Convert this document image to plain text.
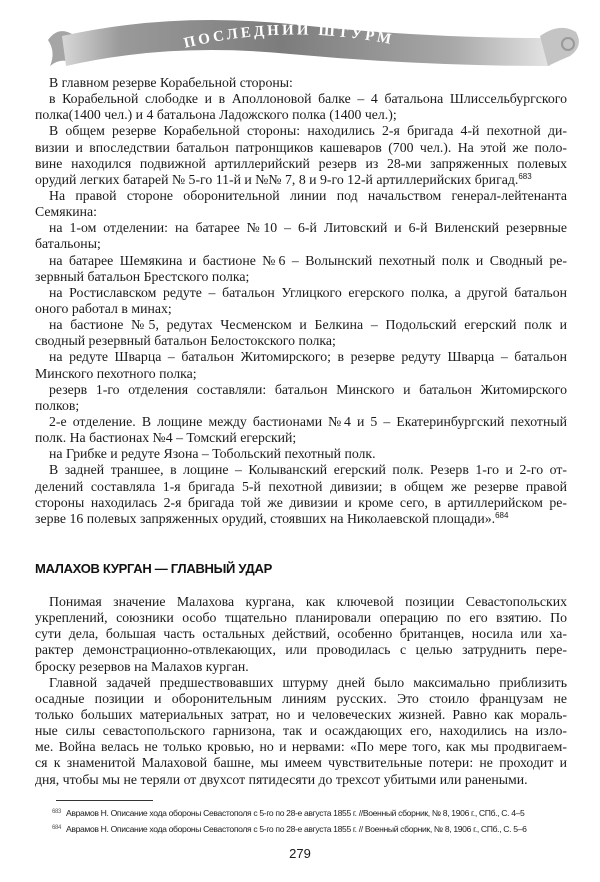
ПОСЛЕДНИЙ ШТУРМ
В главном резерве Корабельной стороны:
в Корабельной слободке и в Аполлоновой балке – 4 батальона Шлиссельбургского
полка(1400 чел.) и 4 батальона Ладожского полка (1400 чел.);
В общем резерве Корабельной стороны: находились 2-я бригада 4-й пехотной ди-
визии и впоследствии батальон патронщиков кашеваров (700 чел.). На этой же поло-
вине находился подвижной артиллерийский резерв из 28-ми запряженных полевых
орудий легких батарей № 5-го 11-й и №№ 7, 8 и 9-го 12-й артиллерийских бригад.$^{683}$
На правой стороне оборонительной линии под начальством генерал-лейтенанта
Семякина:
на 1-ом отделении: на батарее №10 – 6-й Литовский и 6-й Виленский резервные
батальоны;
на батарее Шемякина и бастионе №6 – Волынский пехотный полк и Сводный ре-
зервный батальон Брестского полка;
на Ростиславском редуте – батальон Углицкого егерского полка, а другой батальон
оного работал в минах;
на бастионе №5, редутах Чесменском и Белкина – Подольский егерский полк и
сводный резервный батальон Белостокского полка;
на редуте Шварца – батальон Житомирского; в резерве редуту Шварца – батальон
Минского пехотного полка;
резерв 1-го отделения составляли: батальон Минского и батальон Житомирского
полков;
2-е отделение. В лощине между бастионами №4 и 5 – Екатеринбургский пехотный
полк. На бастионах №4 – Томский егерский;
на Грибке и редуте Язона – Тобольский пехотный полк.
В задней траншее, в лощине – Колыванский егерский полк. Резерв 1-го и 2-го от-
делений составляла 1-я бригада 5-й пехотной дивизии; в общем же резерве правой
стороны находилась 2-я бригада той же дивизии и кроме сего, в артиллерийском ре-
зерве 16 полевых запряженных орудий, стоявших на Николаевской площади».$^{684}$
МАЛАХОВ КУРГАН — ГЛАВНЫЙ УДАР
Понимая значение Малахова кургана, как ключевой позиции Севастопольских
укреплений, союзники особо тщательно планировали операцию по его взятию. По
сути дела, большая часть остальных действий, особенно британцев, носила или ха-
рактер демонстрационно-отвлекающих, или проводилась с целью затруднить пере-
броску резервов на Малахов курган.
Главной задачей предшествовавших штурму дней было максимально приблизить
осадные позиции и оборонительным линиям русских. Это стоило французам не
только больших материальных затрат, но и человеческих жизней. Равно как мораль-
ные силы севастопольского гарнизона, так и осаждающих его, находились на изло-
ме. Война велась не только кровью, но и нервами: «По мере того, как мы продвигаем-
ся к знаменитой Малаховой башне, мы имеем чувствительные потери: не проходит и
дня, чтобы мы не теряли от двухсот пятидесяти до трехсот убитыми или ранеными.
$^{683}$ Аврамов Н. Описание хода обороны Севастополя с 5-го по 28-е августа 1855 г. //Военный сборник, № 8, 1906 г., СПб., С. 4–5
$^{684}$ Аврамов Н. Описание хода обороны Севастополя с 5-го по 28-е августа 1855 г. // Военный сборник, № 8, 1906 г., СПб., С. 5–6
279
